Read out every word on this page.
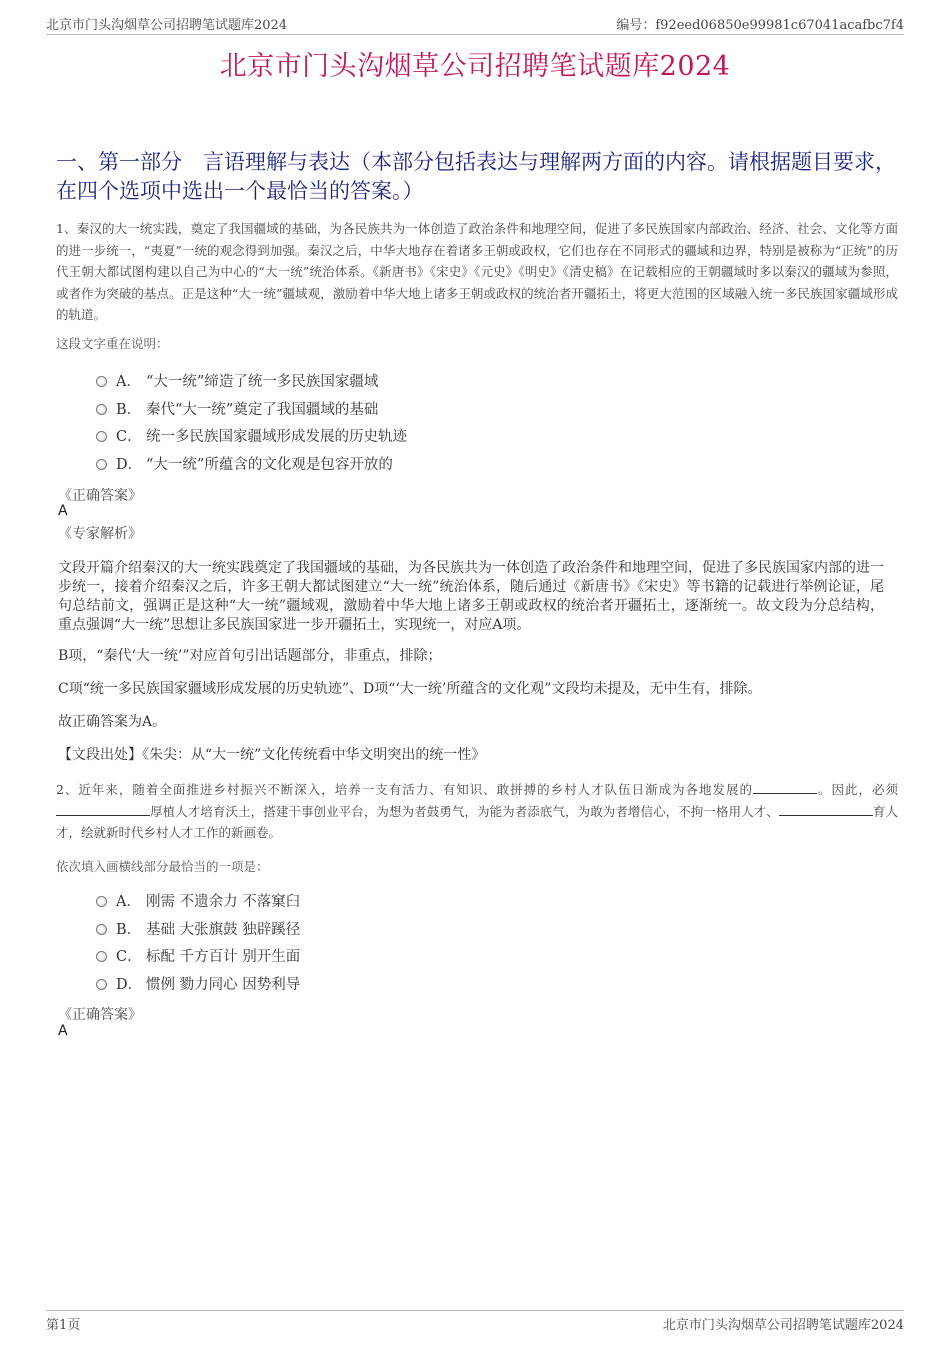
北京市门头沟烟草公司招聘笔试题库2024	编号：f92eed06850e99981c67041acafbc7f4
北京市门头沟烟草公司招聘笔试题库2024
一、第一部分　言语理解与表达（本部分包括表达与理解两方面的内容。请根据题目要求，在四个选项中选出一个最恰当的答案。）
1、秦汉的大一统实践，奠定了我国疆域的基础，为各民族共为一体创造了政治条件和地理空间，促进了多民族国家内部政治、经济、社会、文化等方面的进一步统一，“夷夏”一统的观念得到加强。秦汉之后，中华大地存在着诸多王朝或政权，它们也存在不同形式的疆域和边界，特别是被称为“正统”的历代王朝大都试图构建以自己为中心的“大一统”统治体系。《新唐书》《宋史》《元史》《明史》《清史稿》在记载相应的王朝疆域时多以秦汉的疆域为参照，或者作为突破的基点。正是这种“大一统”疆域观，激励着中华大地上诸多王朝或政权的统治者开疆拓土，将更大范围的区域融入统一多民族国家疆域形成的轨道。
这段文字重在说明：
A． “大一统”缔造了统一多民族国家疆域
B． 秦代“大一统”奠定了我国疆域的基础
C． 统一多民族国家疆域形成发展的历史轨迹
D． “大一统”所蕴含的文化观是包容开放的
《正确答案》
A
《专家解析》
文段开篇介绍秦汉的大一统实践奠定了我国疆域的基础，为各民族共为一体创造了政治条件和地理空间，促进了多民族国家内部的进一步统一，接着介绍秦汉之后，许多王朝大都试图建立“大一统”统治体系，随后通过《新唐书》《宋史》等书籍的记载进行举例论证，尾句总结前文，强调正是这种“大一统”疆域观，激励着中华大地上诸多王朝或政权的统治者开疆拓土，逐渐统一。故文段为分总结构，重点强调“大一统”思想让多民族国家进一步开疆拓土，实现统一，对应A项。
B项，“秦代‘大一统’”对应首句引出话题部分，非重点，排除；
C项“统一多民族国家疆域形成发展的历史轨迹”、D项“‘大一统’所蕴含的文化观”文段均未提及，无中生有，排除。
故正确答案为A。
【文段出处】《朱尖：从“大一统”文化传统看中华文明突出的统一性》
2、近年来，随着全面推进乡村振兴不断深入，培养一支有活力、有知识、敢拼搏的乡村人才队伍日渐成为各地发展的	。因此，必须厚植人才培育沃土，搭建干事创业平台，为想为者鼓勇气，为能为者添底气，为敢为者增信心，不拘一格用人才、	育人才，绘就新时代乡村人才工作的新画卷。
依次填入画横线部分最恰当的一项是：
A． 刚需 不遗余力 不落窠臼
B． 基础 大张旗鼓 独辟蹊径
C． 标配 千方百计 别开生面
D． 惯例 勠力同心 因势利导
《正确答案》
A
第1页	北京市门头沟烟草公司招聘笔试题库2024
